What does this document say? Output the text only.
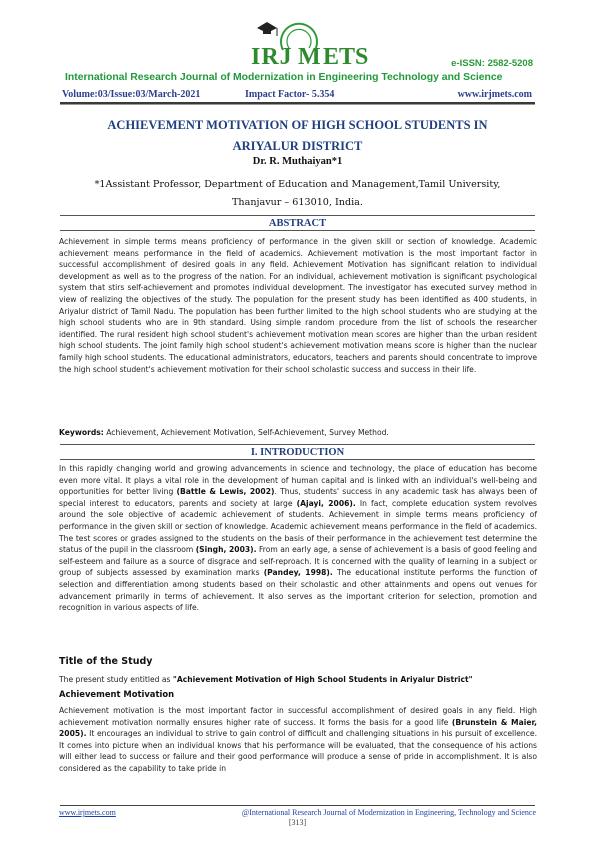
IRJ M ETS	e-ISSN: 2582-5208
International Research Journal of Modernization in Engineering Technology and Science
Volume:03/Issue:03/March-2021	Impact Factor- 5.354	www.irjmets.com
ACHIEVEMENT MOTIVATION OF HIGH SCHOOL STUDENTS IN
ARIYALUR DISTRICT
Dr. R. Muthaiyan*1
*1Assistant Professor, Department of Education and Management,Tamil University,
Thanjavur – 613010, India.
ABSTRACT
Achievement in simple terms means proficiency of performance in the given skill or section of knowledge. Academic achievement means performance in the field of academics. Achievement motivation is the most important factor in successful accomplishment of desired goals in any field. Achievement Motivation has significant relation to individual development as well as to the progress of the nation. For an individual, achievement motivation is significant psychological system that stirs self-achievement and promotes individual development. The investigator has executed survey method in view of realizing the objectives of the study. The population for the present study has been identified as 400 students, in Ariyalur district of Tamil Nadu. The population has been further limited to the high school students who are studying at the high school students who are in 9th standard. Using simple random procedure from the list of schools the researcher identified. The rural resident high school student's achievement motivation mean scores are higher than the urban resident high school students. The joint family high school student's achievement motivation means score is higher than the nuclear family high school students. The educational administrators, educators, teachers and parents should concentrate to improve the high school student's achievement motivation for their school scholastic success and success in their life.
Keywords: Achievement, Achievement Motivation, Self-Achievement, Survey Method.
I. INTRODUCTION
In this rapidly changing world and growing advancements in science and technology, the place of education has become even more vital. It plays a vital role in the development of human capital and is linked with an individual's well-being and opportunities for better living (Battle & Lewis, 2002). Thus, students' success in any academic task has always been of special interest to educators, parents and society at large (Ajayi, 2006). In fact, complete education system revolves around the sole objective of academic achievement of students. Achievement in simple terms means proficiency of performance in the given skill or section of knowledge. Academic achievement means performance in the field of academics. The test scores or grades assigned to the students on the basis of their performance in the achievement test determine the status of the pupil in the classroom (Singh, 2003). From an early age, a sense of achievement is a basis of good feeling and self-esteem and failure as a source of disgrace and self-reproach. It is concerned with the quality of learning in a subject or group of subjects assessed by examination marks (Pandey, 1998). The educational institute performs the function of selection and differentiation among students based on their scholastic and other attainments and opens out venues for advancement primarily in terms of achievement. It also serves as the important criterion for selection, promotion and recognition in various aspects of life.
Title of the Study
The present study entitled as "Achievement Motivation of High School Students in Ariyalur District"
Achievement Motivation
Achievement motivation is the most important factor in successful accomplishment of desired goals in any field. High achievement motivation normally ensures higher rate of success. It forms the basis for a good life (Brunstein & Maier, 2005). It encourages an individual to strive to gain control of difficult and challenging situations in his pursuit of excellence. It comes into picture when an individual knows that his performance will be evaluated, that the consequence of his actions will either lead to success or failure and their good performance will produce a sense of pride in accomplishment. It is also considered as the capability to take pride in
www.irjmets.com	@International Research Journal of Modernization in Engineering, Technology and Science
[313]
